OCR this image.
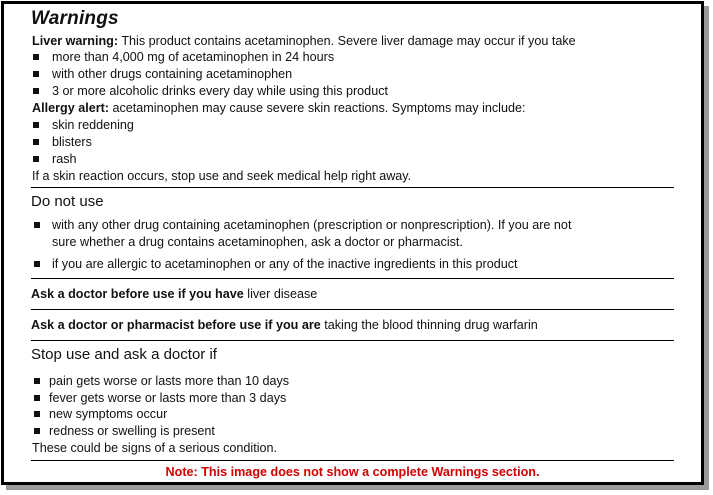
Warnings
Liver warning: This product contains acetaminophen. Severe liver damage may occur if you take
more than 4,000 mg of acetaminophen in 24 hours
with other drugs containing acetaminophen
3 or more alcoholic drinks every day while using this product
Allergy alert: acetaminophen may cause severe skin reactions. Symptoms may include:
skin reddening
blisters
rash
If a skin reaction occurs, stop use and seek medical help right away.
Do not use
with any other drug containing acetaminophen (prescription or nonprescription). If you are not
sure whether a drug contains acetaminophen, ask a doctor or pharmacist.
if you are allergic to acetaminophen or any of the inactive ingredients in this product
Ask a doctor before use if you have liver disease
Ask a doctor or pharmacist before use if you are taking the blood thinning drug warfarin
Stop use and ask a doctor if
pain gets worse or lasts more than 10 days
fever gets worse or lasts more than 3 days
new symptoms occur
redness or swelling is present
These could be signs of a serious condition.
Note: This image does not show a complete Warnings section.
